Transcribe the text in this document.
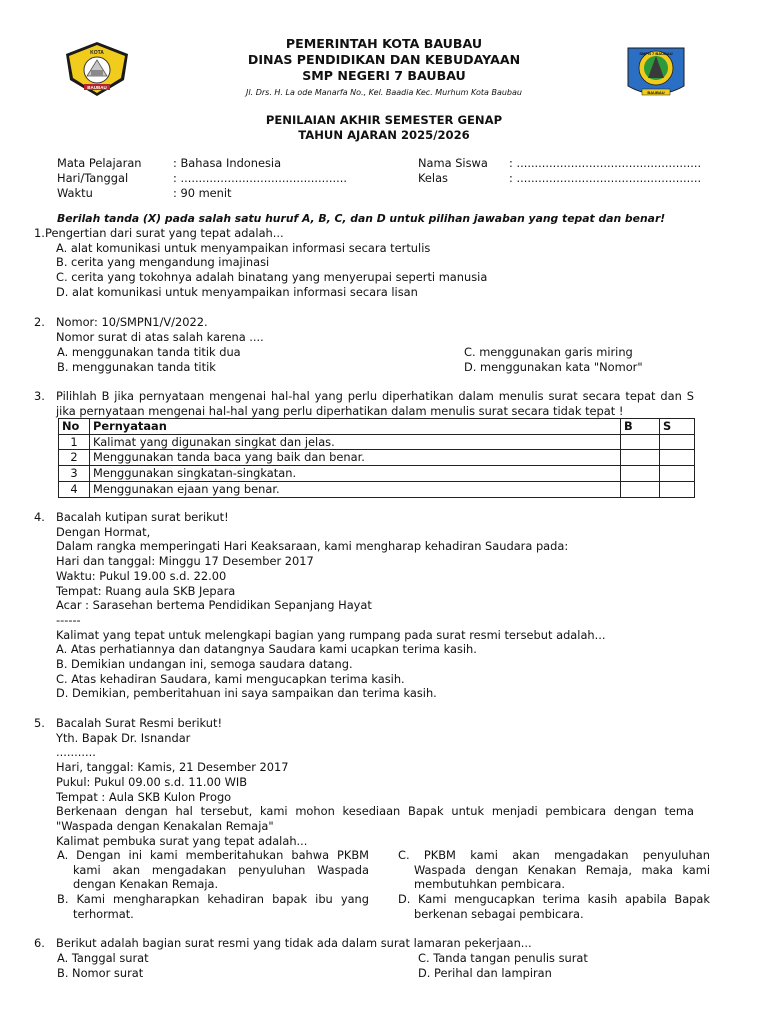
KOTA
BAUBAU
SMPN 7 BAUBAU
BAUBAU
PEMERINTAH KOTA BAUBAU
DINAS PENDIDIKAN DAN KEBUDAYAAN
SMP NEGERI 7 BAUBAU
Jl. Drs. H. La ode Manarfa No., Kel. Baadia Kec. Murhum Kota Baubau
PENILAIAN AKHIR SEMESTER GENAP
TAHUN AJARAN 2025/2026
Mata Pelajaran	: Bahasa Indonesia
Hari/Tanggal	: ..............................................
Waktu	: 90 menit
Nama Siswa : ...................................................
Kelas	: ...................................................
Berilah tanda (X) pada salah satu huruf A, B, C, dan D untuk pilihan jawaban yang tepat dan benar!
1. Pengertian dari surat yang tepat adalah...
A. alat komunikasi untuk menyampaikan informasi secara tertulis
B. cerita yang mengandung imajinasi
C. cerita yang tokohnya adalah binatang yang menyerupai seperti manusia
D. alat komunikasi untuk menyampaikan informasi secara lisan
2. Nomor: 10/SMPN1/V/2022.
Nomor surat di atas salah karena ....
A. menggunakan tanda titik dua
B. menggunakan tanda titik
C. menggunakan garis miring
D. menggunakan kata "Nomor"
3. Pilihlah B jika pernyataan mengenai hal-hal yang perlu diperhatikan dalam menulis surat secara tepat dan S jika pernyataan mengenai hal-hal yang perlu diperhatikan dalam menulis surat secara tidak tepat !
No	Pernyataan	B	S
1	Kalimat yang digunakan singkat dan jelas.		
2	Menggunakan tanda baca yang baik dan benar.		
3	Menggunakan singkatan-singkatan.		
4	Menggunakan ejaan yang benar.		
4. Bacalah kutipan surat berikut!
Dengan Hormat,
Dalam rangka memperingati Hari Keaksaraan, kami mengharap kehadiran Saudara pada:
Hari dan tanggal: Minggu 17 Desember 2017
Waktu: Pukul 19.00 s.d. 22.00
Tempat: Ruang aula SKB Jepara
Acar : Sarasehan bertema Pendidikan Sepanjang Hayat
------
Kalimat yang tepat untuk melengkapi bagian yang rumpang pada surat resmi tersebut adalah...
A. Atas perhatiannya dan datangnya Saudara kami ucapkan terima kasih.
B. Demikian undangan ini, semoga saudara datang.
C. Atas kehadiran Saudara, kami mengucapkan terima kasih.
D. Demikian, pemberitahuan ini saya sampaikan dan terima kasih.
5. Bacalah Surat Resmi berikut!
Yth. Bapak Dr. Isnandar
...........
Hari, tanggal: Kamis, 21 Desember 2017
Pukul: Pukul 09.00 s.d. 11.00 WIB
Tempat : Aula SKB Kulon Progo
Berkenaan dengan hal tersebut, kami mohon kesediaan Bapak untuk menjadi pembicara dengan tema "Waspada dengan Kenakalan Remaja"
Kalimat pembuka surat yang tepat adalah...
A. Dengan ini kami memberitahukan bahwa PKBM kami akan mengadakan penyuluhan Waspada dengan Kenakan Remaja.
B. Kami mengharapkan kehadiran bapak ibu yang terhormat.
C. PKBM kami akan mengadakan penyuluhan Waspada dengan Kenakan Remaja, maka kami membutuhkan pembicara.
D. Kami mengucapkan terima kasih apabila Bapak berkenan sebagai pembicara.
6. Berikut adalah bagian surat resmi yang tidak ada dalam surat lamaran pekerjaan...
A. Tanggal surat
B. Nomor surat
C. Tanda tangan penulis surat
D. Perihal dan lampiran
